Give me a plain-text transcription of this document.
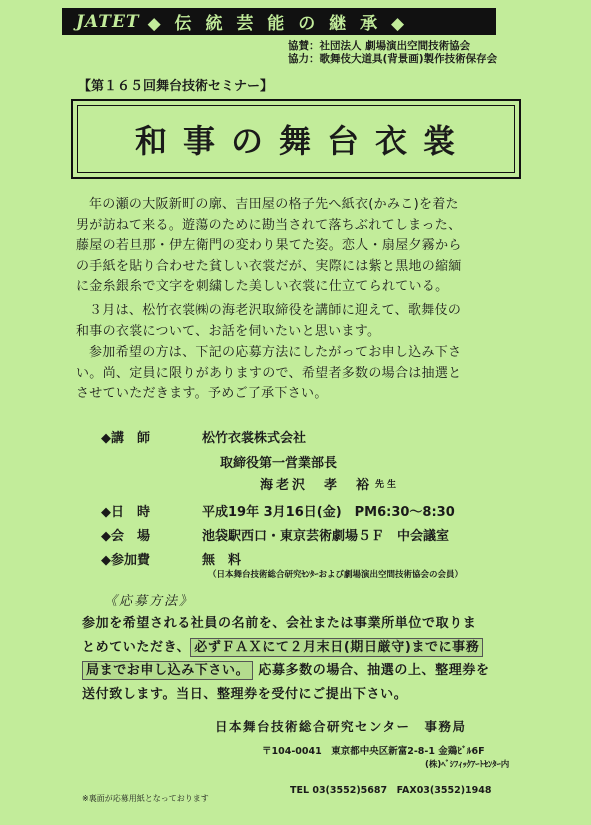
JATET ◆ 伝 統 芸 能 の 継 承 ◆
協賛：社団法人 劇場演出空間技術協会
協力：歌舞伎大道具(背景画)製作技術保存会
【第１６５回舞台技術セミナー】
和事の舞台衣裳
年の瀬の大阪新町の廓、吉田屋の格子先へ紙衣(かみこ)を着た
男が訪ねて来る。遊蕩のために勘当されて落ちぶれてしまった、
藤屋の若旦那・伊左衛門の変わり果てた姿。恋人・扇屋夕霧から
の手紙を貼り合わせた貧しい衣裳だが、実際には紫と黒地の縮緬
に金糸銀糸で文字を刺繍した美しい衣裳に仕立てられている。
３月は、松竹衣裳㈱の海老沢取締役を講師に迎えて、歌舞伎の
和事の衣裳について、お話を伺いたいと思います。
参加希望の方は、下記の応募方法にしたがってお申し込み下さ
い。尚、定員に限りがありますので、希望者多数の場合は抽選と
させていただきます。予めご了承下さい。
◆講　師	松竹衣裳株式会社
取締役第一営業部長
海老沢　孝　裕 先生
◆日　時	平成19年 3月16日(金)　PM6:30～8:30
◆会　場	池袋駅西口・東京芸術劇場５Ｆ　中会議室
◆参加費	無　料
（日本舞台技術総合研究ｾﾝﾀｰおよび劇場演出空間技術協会の会員）
《応募方法》
参加を希望される社員の名前を、会社または事業所単位で取りま
とめていただき、 必ずＦＡＸにて２月末日(期日厳守)までに事務
局までお申し込み下さい。 応募多数の場合、抽選の上、整理券を
送付致します。当日、整理券を受付にご提出下さい。
日本舞台技術総合研究センター　事務局
〒104-0041　東京都中央区新富2-8-1 金鶏ﾋﾞﾙ6F
(株)ﾍﾞｼﾌｨｯｸｱｰﾄｾﾝﾀｰ内
TEL 03(3552)5687　FAX03(3552)1948
※裏面が応募用紙となっております
